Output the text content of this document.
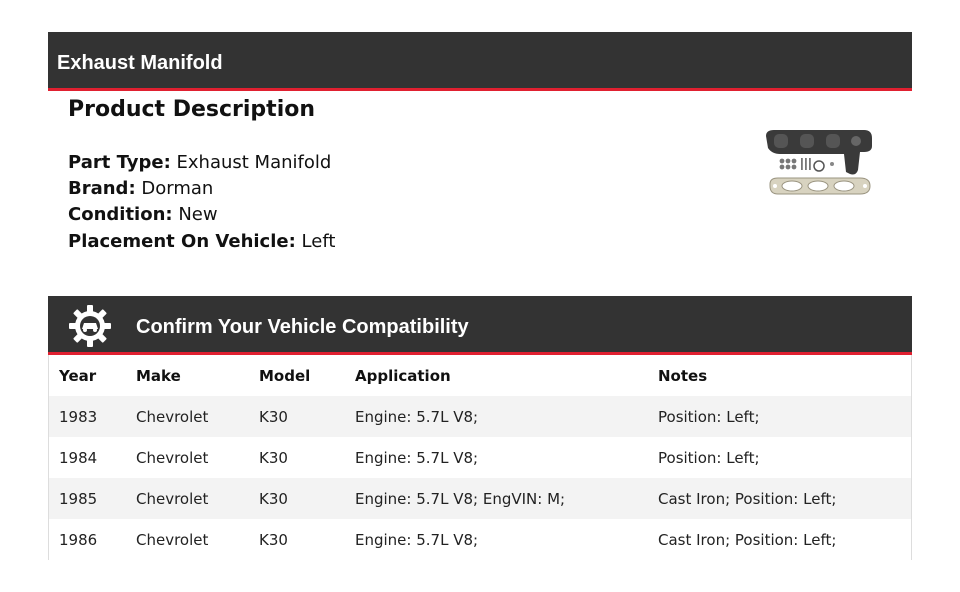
Exhaust Manifold
Product Description
Part Type: Exhaust Manifold
Brand: Dorman
Condition: New
Placement On Vehicle: Left
Confirm Your Vehicle Compatibility
Year	Make	Model	Application	Notes
1983	Chevrolet	K30	Engine: 5.7L V8;	Position: Left;
1984	Chevrolet	K30	Engine: 5.7L V8;	Position: Left;
1985	Chevrolet	K30	Engine: 5.7L V8; EngVIN: M;	Cast Iron; Position: Left;
1986	Chevrolet	K30	Engine: 5.7L V8;	Cast Iron; Position: Left;
